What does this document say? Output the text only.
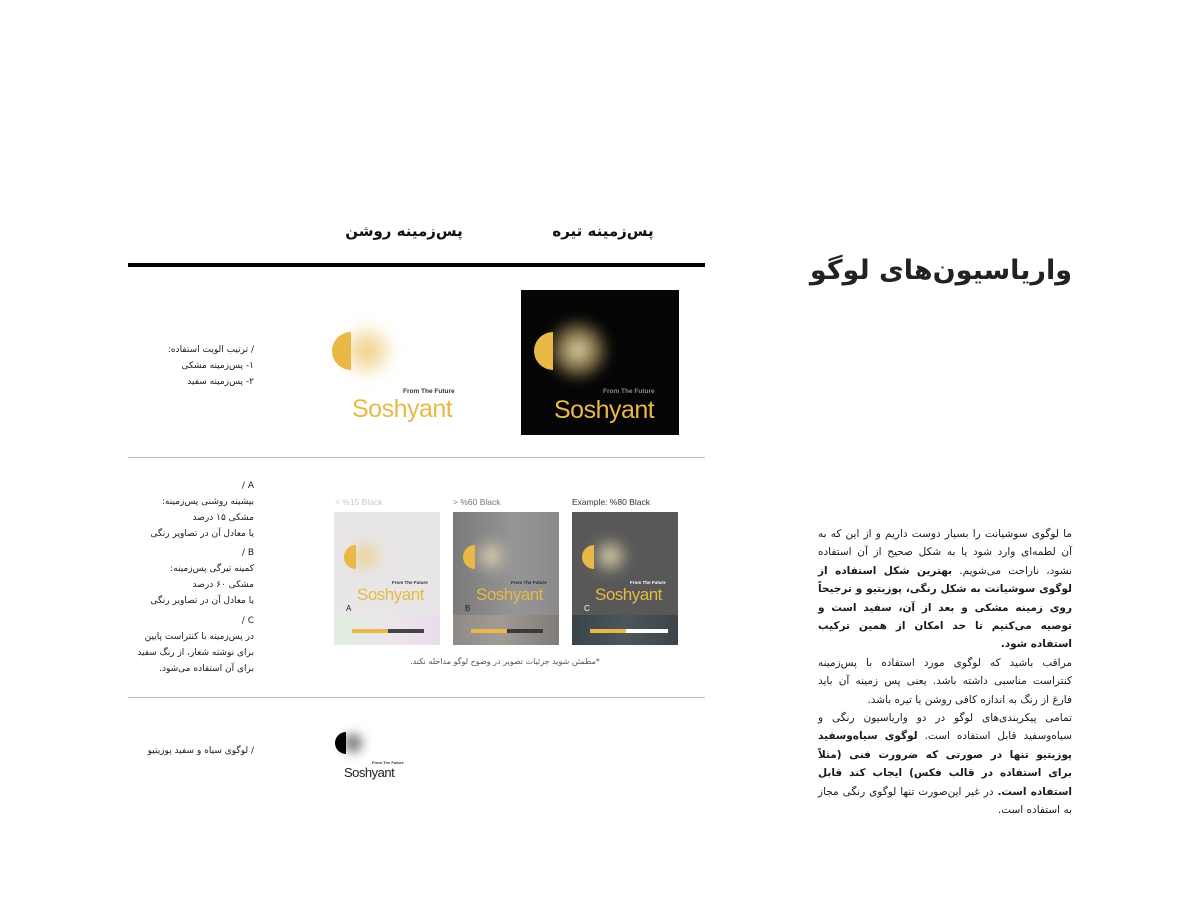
پس‌زمینه روشن	پس‌زمینه تیره
واریاسیون‌های لوگو
/ ترتیب الویت استفاده:
۱- پس‌زمینه مشکی
۲- پس‌زمینه سفید
A /
بیشینه روشنی پس‌زمینه:
مشکی ۱۵ درصد
یا معادل آن در تصاویر رنگی
B /
کمینه تیرگی پس‌زمینه:
مشکی ۶۰ درصد
یا معادل آن در تصاویر رنگی
C /
در پس‌زمینه با کنتراست پایین
برای نوشته شعار، از رنگ سفید
برای آن استفاده می‌شود.
/ لوگوی سیاه و سفید پوزیتیو
From The Future
Soshyant
From The Future
Soshyant
< %15 Black	> %60 Black	Example: %80 Black
From The Future
Soshyant
A
From The Future
Soshyant
B
From The Future
Soshyant
C
*مطمئن شوید جزئیات تصویر در وضوح لوگو مداخله نکند.
From The Future
Soshyant
ما لوگوی سوشیانت را بسیار دوست داریم و از این که به آن لطمه‌ای وارد شود یا به شکل صحیح از آن استفاده نشود، ناراحت می‌شویم. بهترین شکل استفاده از لوگوی سوشیانت به شکل رنگی، پوزیتیو و ترجیحاً روی زمینه مشکی و بعد از آن، سفید است و توصیه می‌کنیم تا حد امکان از همین ترکیب استفاده شود.
مراقب باشید که لوگوی مورد استفاده با پس‌زمینه کنتراست مناسبی داشته باشد. یعنی پس زمینه آن باید فارغ از رنگ به اندازه کافی روشن یا تیره باشد.
تمامی پیکربندی‌های لوگو در دو واریاسیون رنگی و سیاه‌وسفید قابل استفاده است. لوگوی سیاه‌وسفید پوزیتیو تنها در صورتی که ضرورت فنی (مثلاً برای استفاده در قالب فکس) ایجاب کند قابل استفاده است. در غیر این‌صورت تنها لوگوی رنگی مجاز به استفاده است.
